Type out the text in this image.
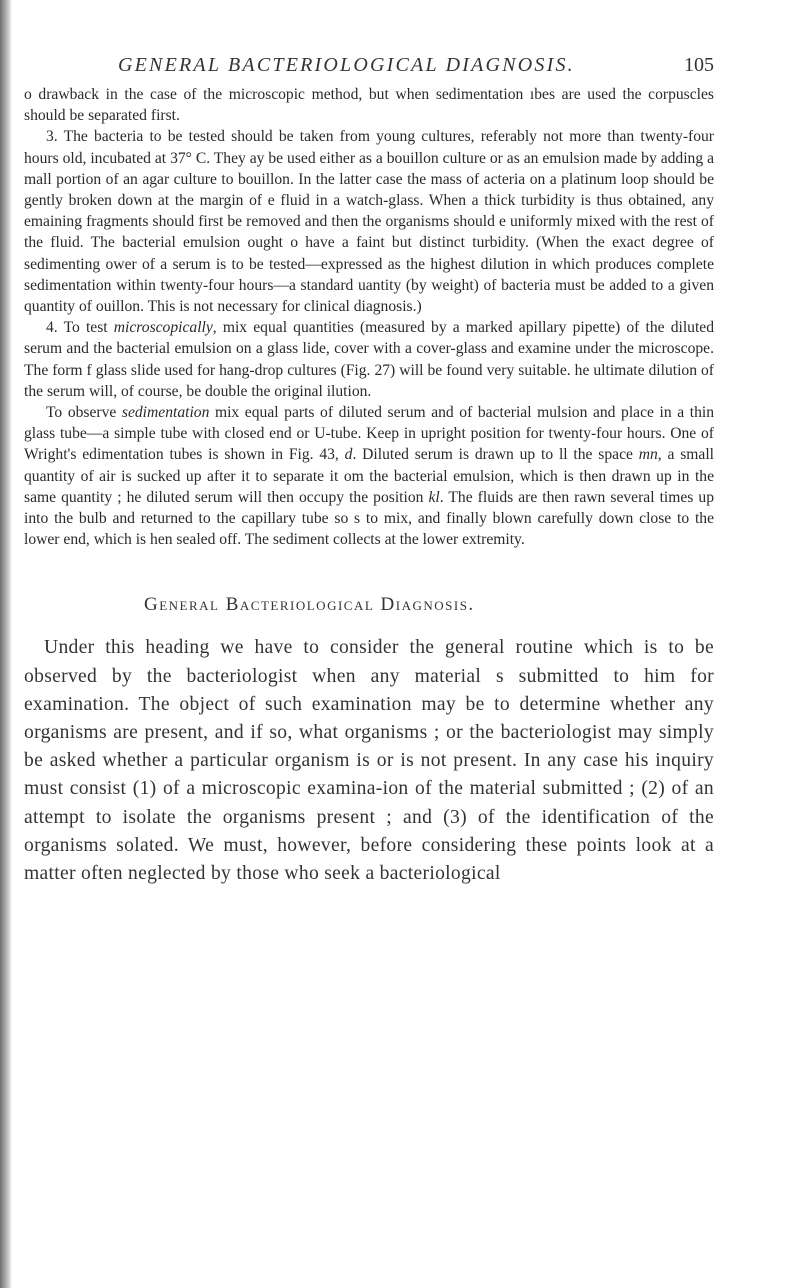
GENERAL BACTERIOLOGICAL DIAGNOSIS.	105

o drawback in the case of the microscopic method, but when sedimentation ıbes are used the corpuscles should be separated first.

3. The bacteria to be tested should be taken from young cultures, referably not more than twenty-four hours old, incubated at 37° C. They ay be used either as a bouillon culture or as an emulsion made by adding a mall portion of an agar culture to bouillon. In the latter case the mass of acteria on a platinum loop should be gently broken down at the margin of e fluid in a watch-glass. When a thick turbidity is thus obtained, any emaining fragments should first be removed and then the organisms should e uniformly mixed with the rest of the fluid. The bacterial emulsion ought o have a faint but distinct turbidity. (When the exact degree of sedimenting ower of a serum is to be tested—expressed as the highest dilution in which produces complete sedimentation within twenty-four hours—a standard uantity (by weight) of bacteria must be added to a given quantity of ouillon. This is not necessary for clinical diagnosis.)

4. To test microscopically, mix equal quantities (measured by a marked apillary pipette) of the diluted serum and the bacterial emulsion on a glass lide, cover with a cover-glass and examine under the microscope. The form f glass slide used for hang-drop cultures (Fig. 27) will be found very suitable. he ultimate dilution of the serum will, of course, be double the original ilution.

To observe sedimentation mix equal parts of diluted serum and of bacterial mulsion and place in a thin glass tube—a simple tube with closed end or U-tube. Keep in upright position for twenty-four hours. One of Wright's edimentation tubes is shown in Fig. 43, d. Diluted serum is drawn up to ll the space mn, a small quantity of air is sucked up after it to separate it om the bacterial emulsion, which is then drawn up in the same quantity ; he diluted serum will then occupy the position kl. The fluids are then rawn several times up into the bulb and returned to the capillary tube so s to mix, and finally blown carefully down close to the lower end, which is hen sealed off. The sediment collects at the lower extremity.

General Bacteriological Diagnosis.

Under this heading we have to consider the general routine which is to be observed by the bacteriologist when any material s submitted to him for examination. The object of such examination may be to determine whether any organisms are present, and if so, what organisms ; or the bacteriologist may simply be asked whether a particular organism is or is not present. In any case his inquiry must consist (1) of a microscopic examina-ion of the material submitted ; (2) of an attempt to isolate the organisms present ; and (3) of the identification of the organisms solated. We must, however, before considering these points look at a matter often neglected by those who seek a bacteriological
